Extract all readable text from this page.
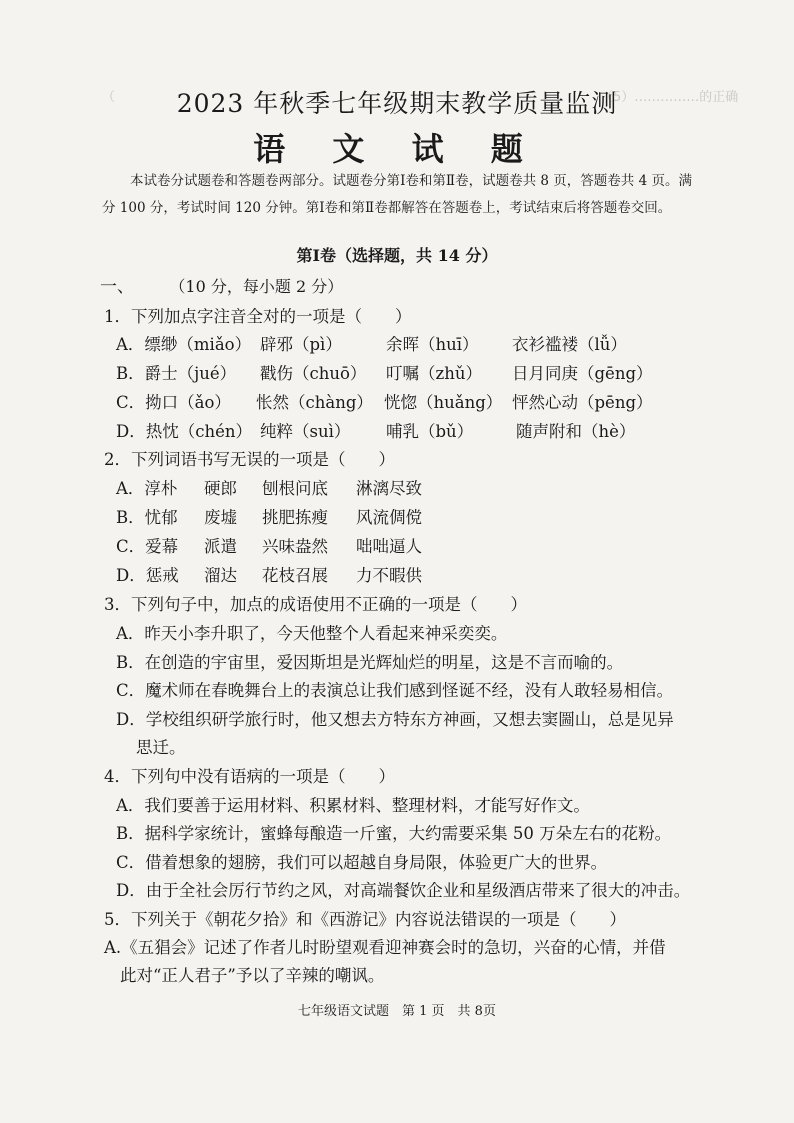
（5）……………的正确
（	2023 年秋季七年级期末教学质量监测
语 文 试 题
本试卷分试题卷和答题卷两部分。试题卷分第Ⅰ卷和第Ⅱ卷，试题卷共 8 页，答题卷共 4 页。满分 100 分，考试时间 120 分钟。第Ⅰ卷和第Ⅱ卷都解答在答题卷上，考试结束后将答题卷交回。
第Ⅰ卷（选择题，共 14 分）
一、 （10 分，每小题 2 分）
1．下列加点字注音全对的一项是（　　）
A．缥缈（miǎo） 辟邪（pì）	余晖（huī） 衣衫褴褛（lǚ）
B．爵士（jué） 戳伤（chuō） 叮嘱（zhǔ） 日月同庚（gēng）
C．拗口（ǎo） 怅然（chàng） 恍惚（huǎng） 怦然心动（pēng）
D．热忱（chén） 纯粹（suì） 哺乳（bǔ）	随声附和（hè）
2．下列词语书写无误的一项是（　　）
A．淳朴 硬郎 刨根问底 淋漓尽致
B．忧郁 废墟 挑肥拣瘦 风流倜傥
C．爱幕 派遣 兴味盎然 咄咄逼人
D．惩戒 溜达 花枝召展 力不暇供
3．下列句子中，加点的成语使用不正确的一项是（　　）
A．昨天小李升职了，今天他整个人看起来神采奕奕。
B．在创造的宇宙里，爱因斯坦是光辉灿烂的明星，这是不言而喻的。
C．魔术师在春晚舞台上的表演总让我们感到怪诞不经，没有人敢轻易相信。
D．学校组织研学旅行时，他又想去方特东方神画，又想去窦圌山，总是见异
思迁。
4．下列句中没有语病的一项是（　　）
A．我们要善于运用材料、积累材料、整理材料，才能写好作文。
B．据科学家统计，蜜蜂每酿造一斤蜜，大约需要采集 50 万朵左右的花粉。
C．借着想象的翅膀，我们可以超越自身局限，体验更广大的世界。
D．由于全社会厉行节约之风，对高端餐饮企业和星级酒店带来了很大的冲击。
5．下列关于《朝花夕拾》和《西游记》内容说法错误的一项是（　　）
A.《五猖会》记述了作者儿时盼望观看迎神赛会时的急切，兴奋的心情，并借
此对“正人君子”予以了辛辣的嘲讽。
七年级语文试题　第 1 页　共 8页
